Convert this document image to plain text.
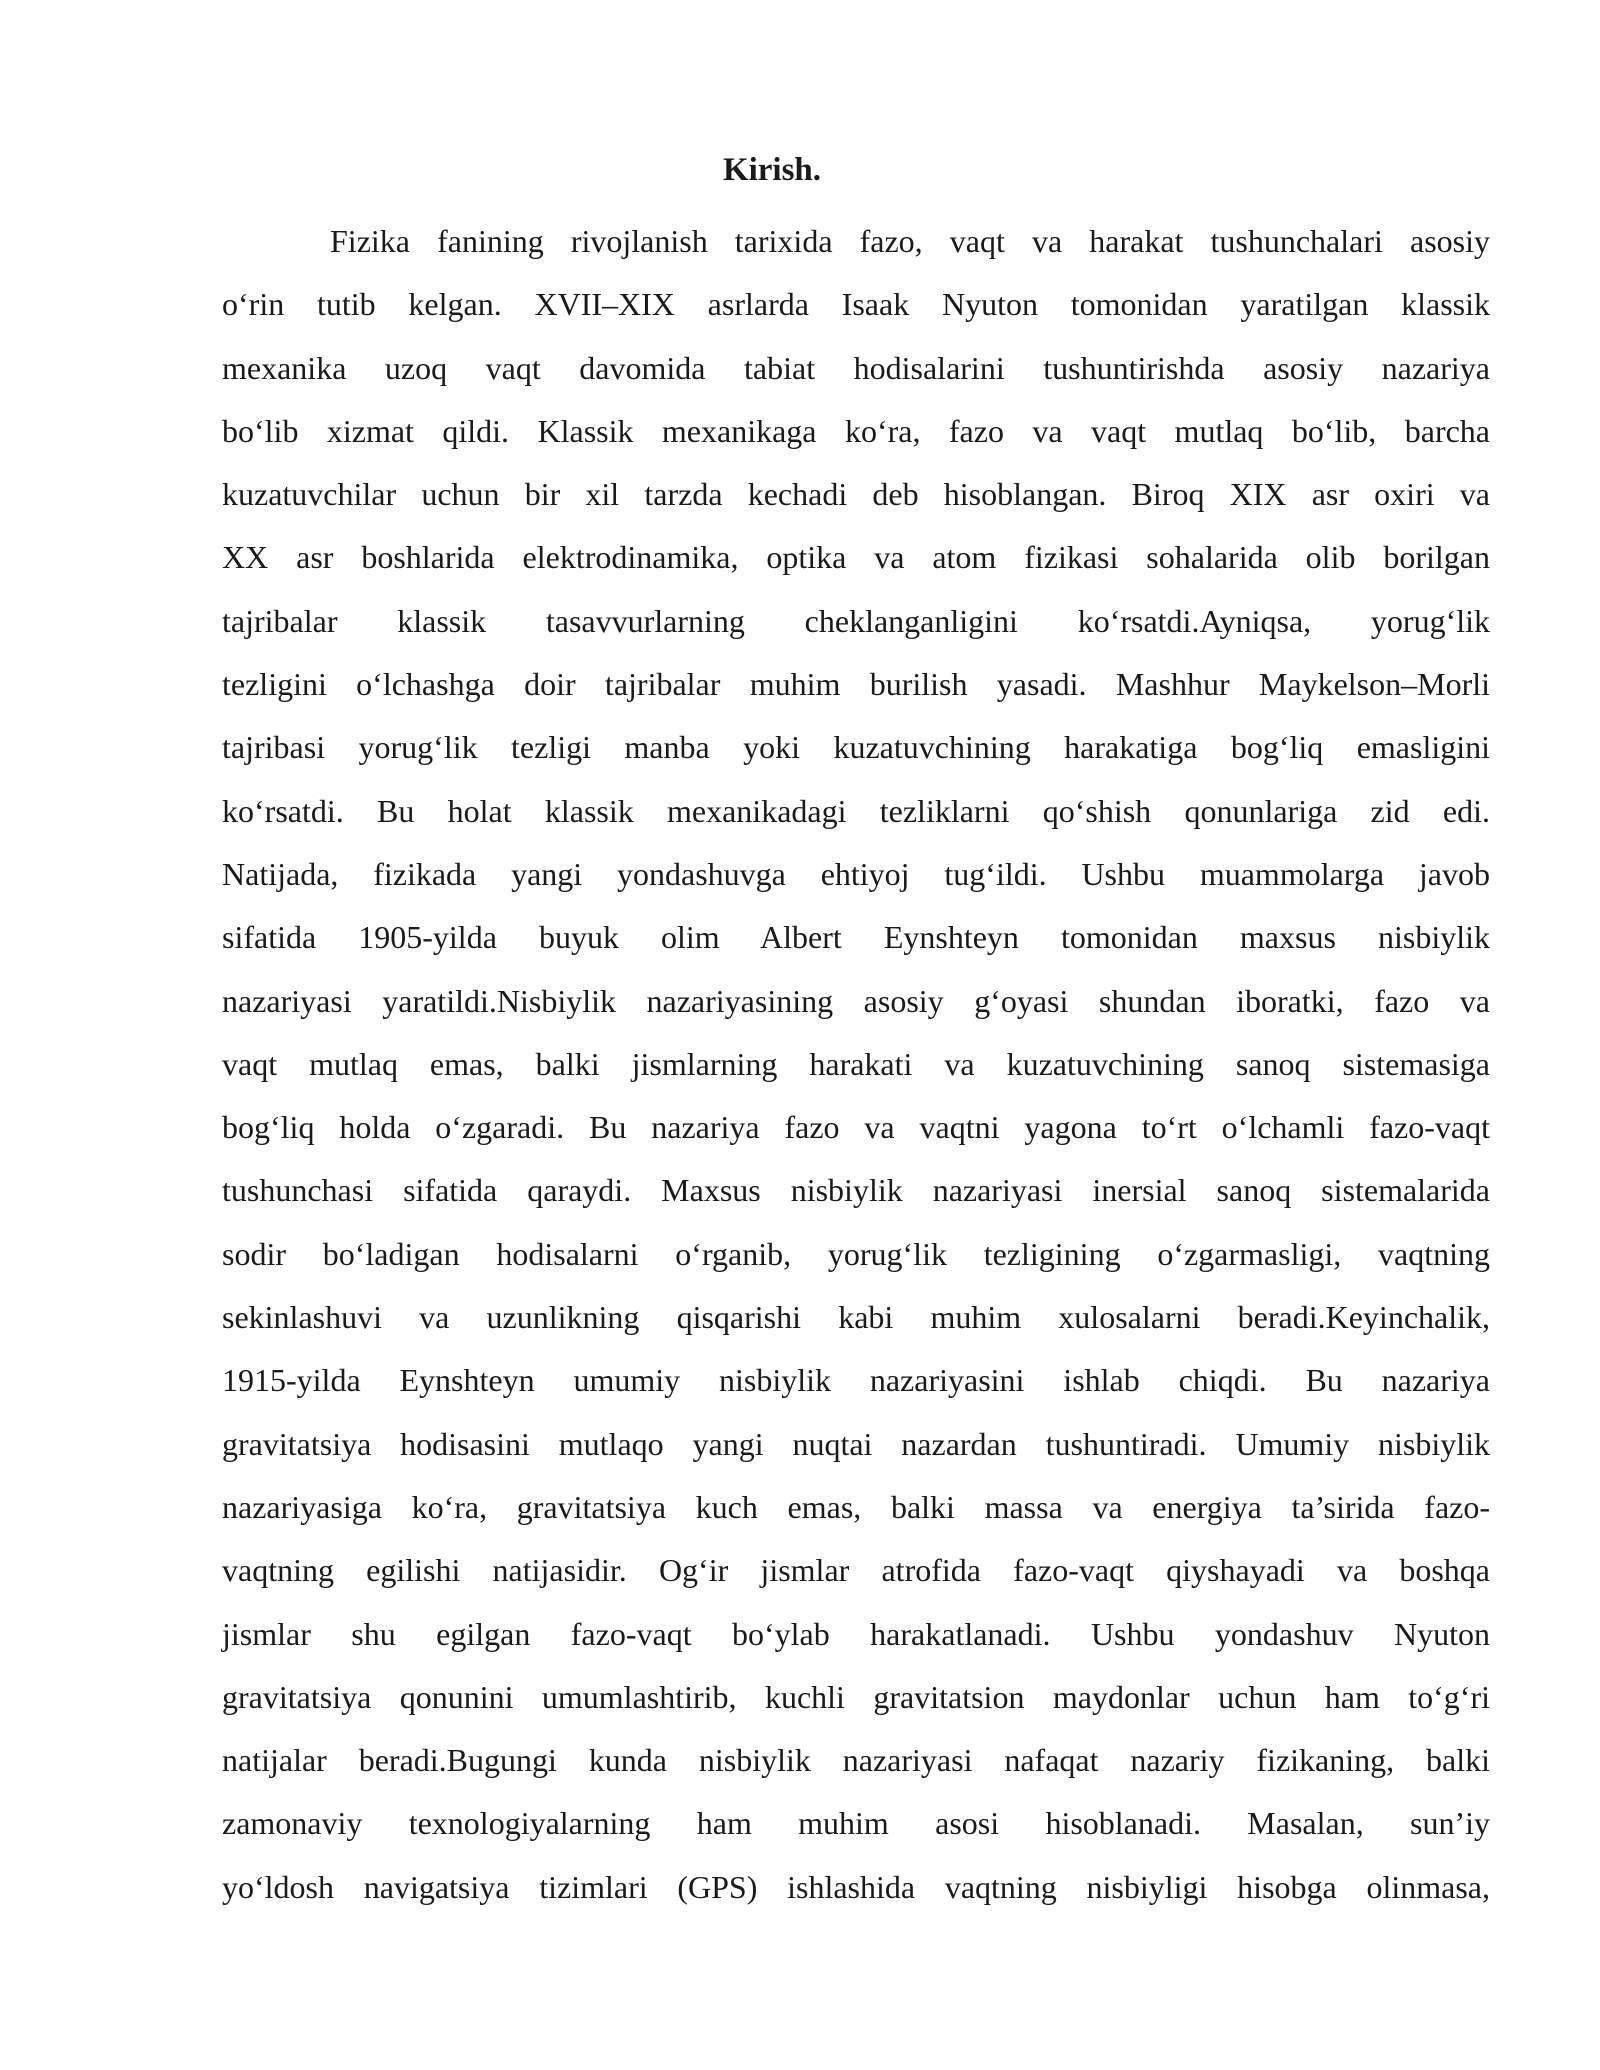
Kirish.
Fizika fanining rivojlanish tarixida fazo, vaqt va harakat tushunchalari asosiy
o‘rin tutib kelgan. XVII–XIX asrlarda Isaak Nyuton tomonidan yaratilgan klassik
mexanika uzoq vaqt davomida tabiat hodisalarini tushuntirishda asosiy nazariya
bo‘lib xizmat qildi. Klassik mexanikaga ko‘ra, fazo va vaqt mutlaq bo‘lib, barcha
kuzatuvchilar uchun bir xil tarzda kechadi deb hisoblangan. Biroq XIX asr oxiri va
XX asr boshlarida elektrodinamika, optika va atom fizikasi sohalarida olib borilgan
tajribalar klassik tasavvurlarning cheklanganligini ko‘rsatdi.Ayniqsa, yorug‘lik
tezligini o‘lchashga doir tajribalar muhim burilish yasadi. Mashhur Maykelson–Morli
tajribasi yorug‘lik tezligi manba yoki kuzatuvchining harakatiga bog‘liq emasligini
ko‘rsatdi. Bu holat klassik mexanikadagi tezliklarni qo‘shish qonunlariga zid edi.
Natijada, fizikada yangi yondashuvga ehtiyoj tug‘ildi. Ushbu muammolarga javob
sifatida 1905-yilda buyuk olim Albert Eynshteyn tomonidan maxsus nisbiylik
nazariyasi yaratildi.Nisbiylik nazariyasining asosiy g‘oyasi shundan iboratki, fazo va
vaqt mutlaq emas, balki jismlarning harakati va kuzatuvchining sanoq sistemasiga
bog‘liq holda o‘zgaradi. Bu nazariya fazo va vaqtni yagona to‘rt o‘lchamli fazo-vaqt
tushunchasi sifatida qaraydi. Maxsus nisbiylik nazariyasi inersial sanoq sistemalarida
sodir bo‘ladigan hodisalarni o‘rganib, yorug‘lik tezligining o‘zgarmasligi, vaqtning
sekinlashuvi va uzunlikning qisqarishi kabi muhim xulosalarni beradi.Keyinchalik,
1915-yilda Eynshteyn umumiy nisbiylik nazariyasini ishlab chiqdi. Bu nazariya
gravitatsiya hodisasini mutlaqo yangi nuqtai nazardan tushuntiradi. Umumiy nisbiylik
nazariyasiga ko‘ra, gravitatsiya kuch emas, balki massa va energiya ta’sirida fazo-
vaqtning egilishi natijasidir. Og‘ir jismlar atrofida fazo-vaqt qiyshayadi va boshqa
jismlar shu egilgan fazo-vaqt bo‘ylab harakatlanadi. Ushbu yondashuv Nyuton
gravitatsiya qonunini umumlashtirib, kuchli gravitatsion maydonlar uchun ham to‘g‘ri
natijalar beradi.Bugungi kunda nisbiylik nazariyasi nafaqat nazariy fizikaning, balki
zamonaviy texnologiyalarning ham muhim asosi hisoblanadi. Masalan, sun’iy
yo‘ldosh navigatsiya tizimlari (GPS) ishlashida vaqtning nisbiyligi hisobga olinmasa,
